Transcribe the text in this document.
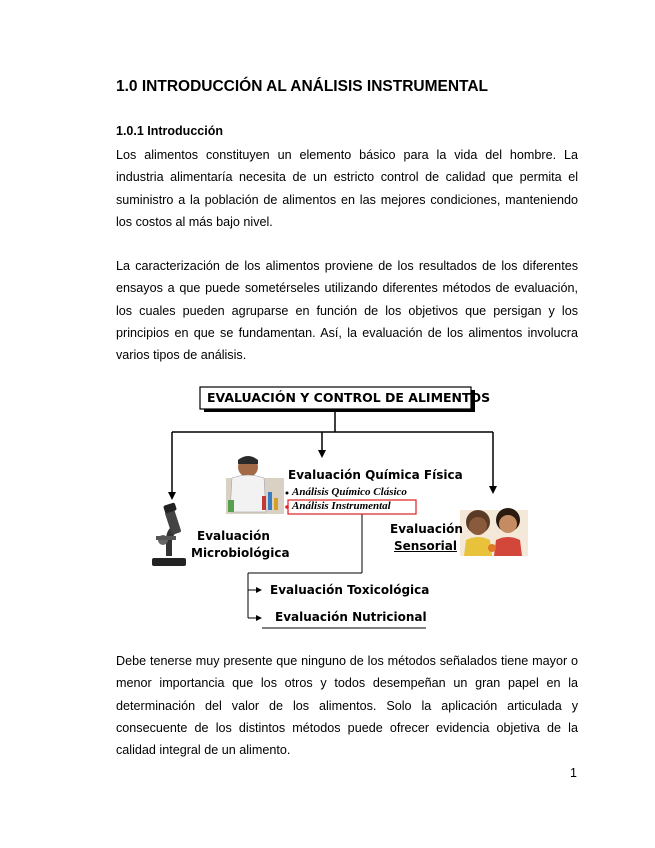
1.0 INTRODUCCIÓN AL ANÁLISIS INSTRUMENTAL
1.0.1 Introducción

Los alimentos constituyen un elemento básico para la vida del hombre. La industria alimentaría necesita de un estricto control de calidad que permita el suministro a la población de alimentos en las mejores condiciones, manteniendo los costos al más bajo nivel.

La caracterización de los alimentos proviene de los resultados de los diferentes ensayos a que puede sometérseles utilizando diferentes métodos de evaluación, los cuales pueden agruparse en función de los objetivos que persigan y los principios en que se fundamentan. Así, la evaluación de los alimentos involucra varios tipos de análisis.

EVALUACIÓN Y CONTROL DE ALIMENTOS
Evaluación Química Física
Análisis Químico Clásico
Análisis Instrumental
Evaluación
Microbiológica
Evaluación
Sensorial
Evaluación Toxicológica
Evaluación Nutricional

Debe tenerse muy presente que ninguno de los métodos señalados tiene mayor o menor importancia que los otros y todos desempeñan un gran papel en la determinación del valor de los alimentos. Solo la aplicación articulada y consecuente de los distintos métodos puede ofrecer evidencia objetiva de la calidad integral de un alimento.

1
